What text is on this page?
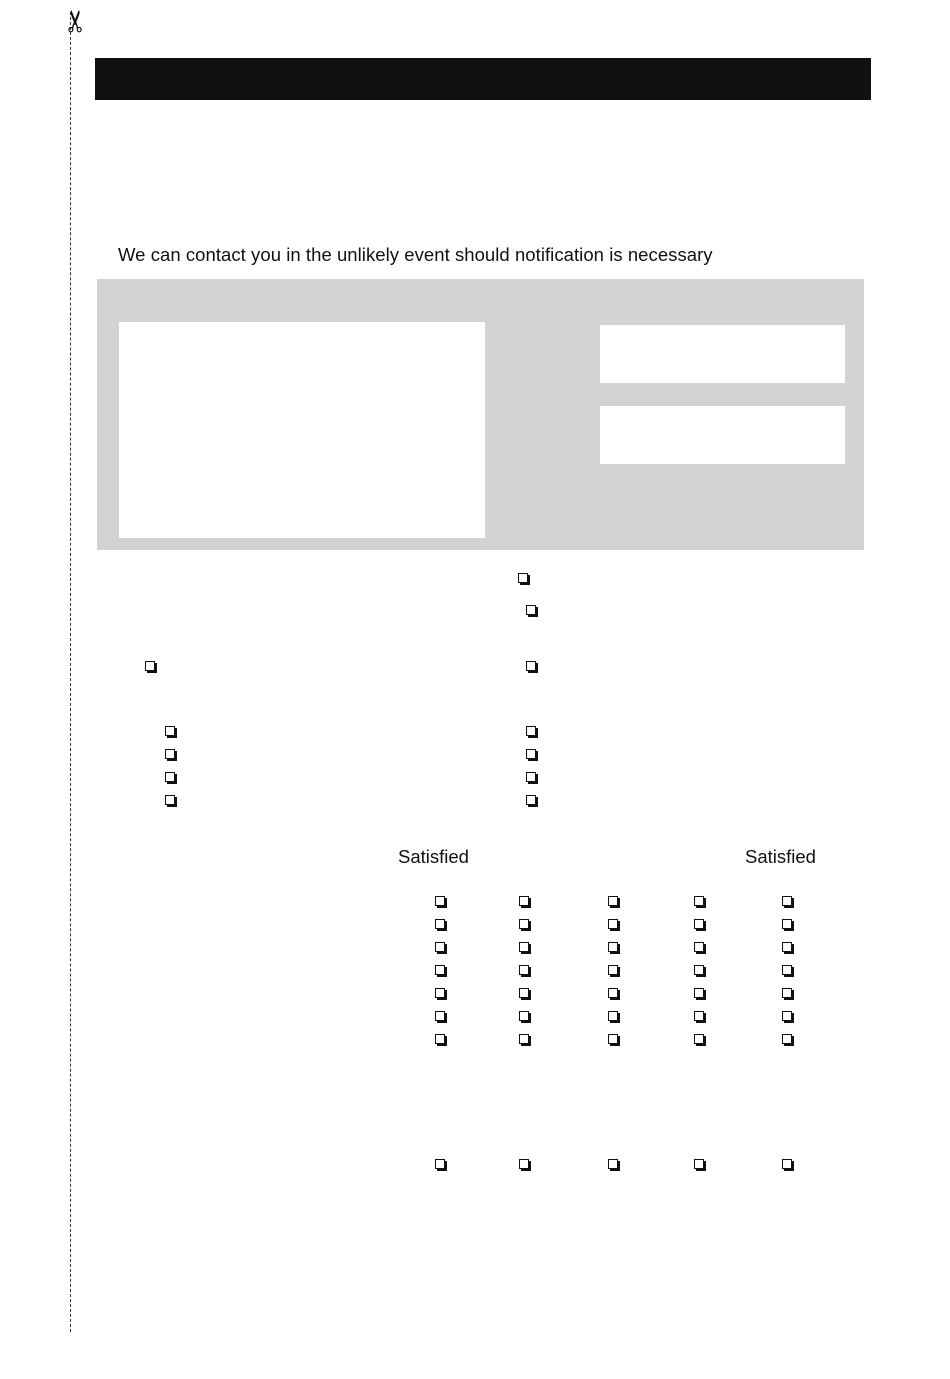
✂
We can contact you in the unlikely event should notification is necessary
Satisfied	Satisfied
